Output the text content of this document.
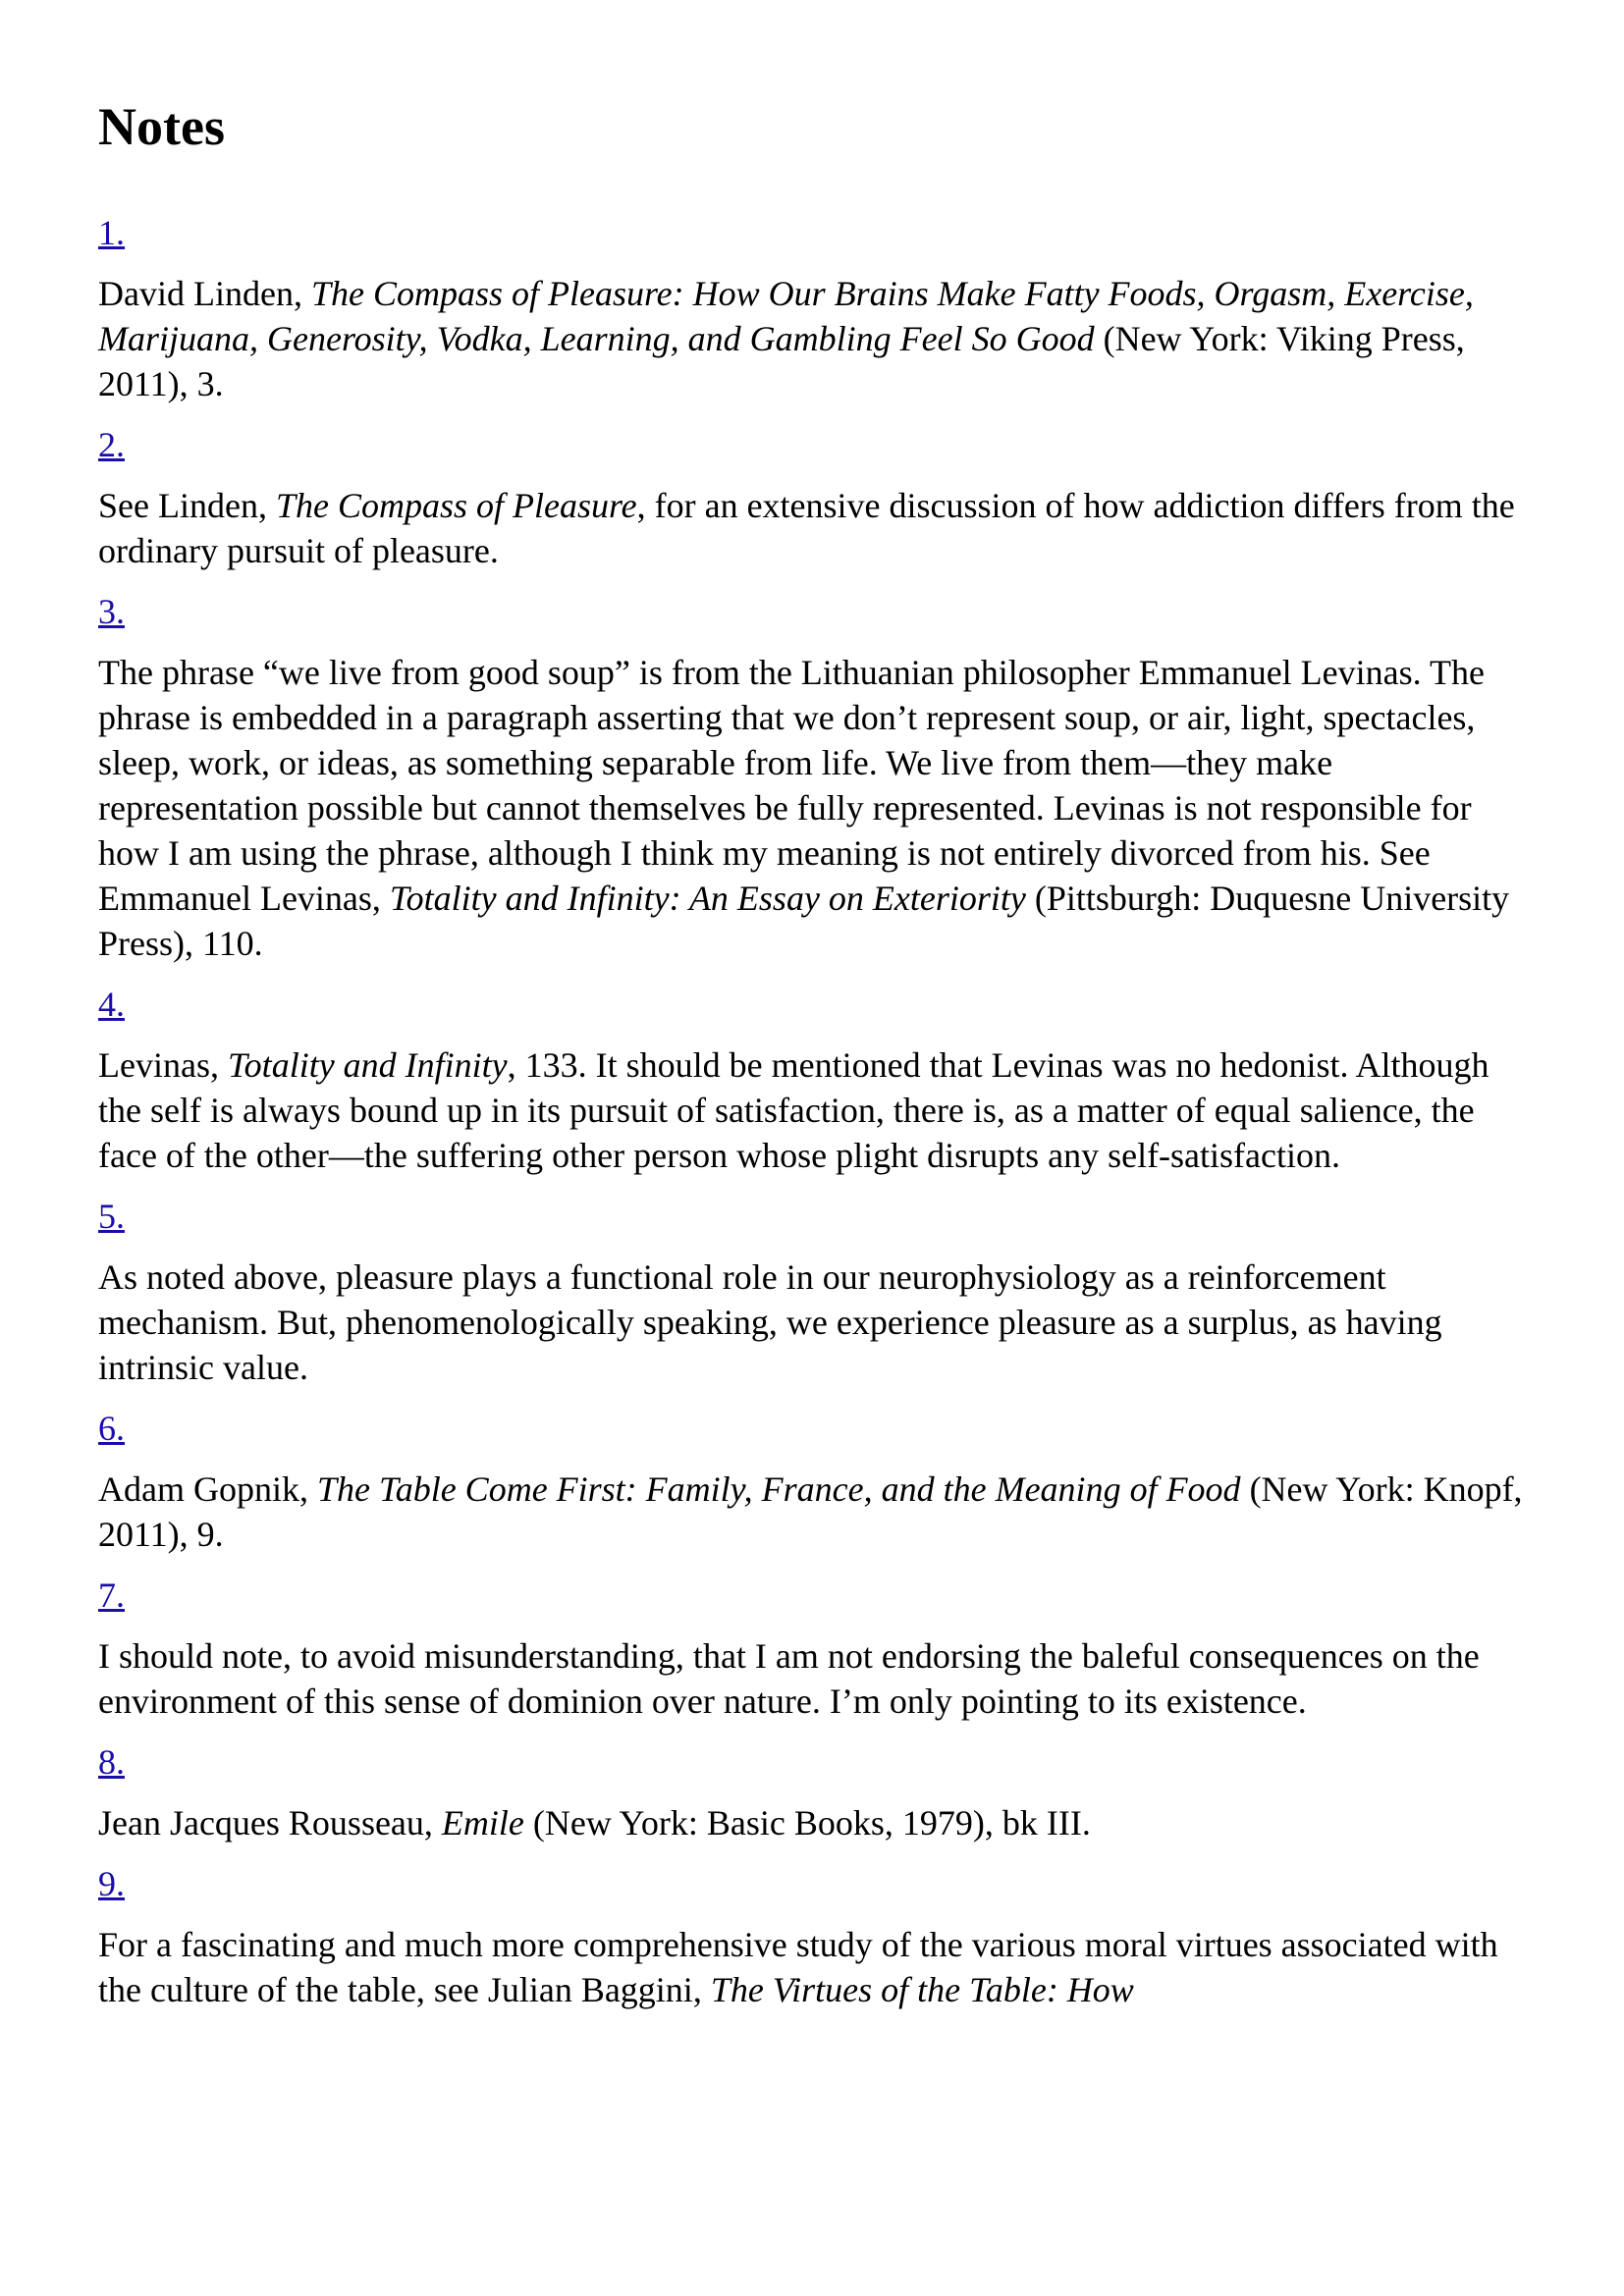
Notes
1.

David Linden, The Compass of Pleasure: How Our Brains Make Fatty Foods, Orgasm, Exercise, Marijuana, Generosity, Vodka, Learning, and Gambling Feel So Good (New York: Viking Press, 2011), 3.

2.

See Linden, The Compass of Pleasure, for an extensive discussion of how addiction differs from the ordinary pursuit of pleasure.

3.

The phrase “we live from good soup” is from the Lithuanian philosopher Emmanuel Levinas. The phrase is embedded in a paragraph asserting that we don’t represent soup, or air, light, spectacles, sleep, work, or ideas, as something separable from life. We live from them—they make representation possible but cannot themselves be fully represented. Levinas is not responsible for how I am using the phrase, although I think my meaning is not entirely divorced from his. See Emmanuel Levinas, Totality and Infinity: An Essay on Exteriority (Pittsburgh: Duquesne University Press), 110.

4.

Levinas, Totality and Infinity, 133. It should be mentioned that Levinas was no hedonist. Although the self is always bound up in its pursuit of satisfaction, there is, as a matter of equal salience, the face of the other—the suffering other person whose plight disrupts any self-satisfaction.

5.

As noted above, pleasure plays a functional role in our neurophysiology as a reinforcement mechanism. But, phenomenologically speaking, we experience pleasure as a surplus, as having intrinsic value.

6.

Adam Gopnik, The Table Come First: Family, France, and the Meaning of Food (New York: Knopf, 2011), 9.

7.

I should note, to avoid misunderstanding, that I am not endorsing the baleful consequences on the environment of this sense of dominion over nature. I’m only pointing to its existence.

8.

Jean Jacques Rousseau, Emile (New York: Basic Books, 1979), bk III.

9.

For a fascinating and much more comprehensive study of the various moral virtues associated with the culture of the table, see Julian Baggini, The Virtues of the Table: How
